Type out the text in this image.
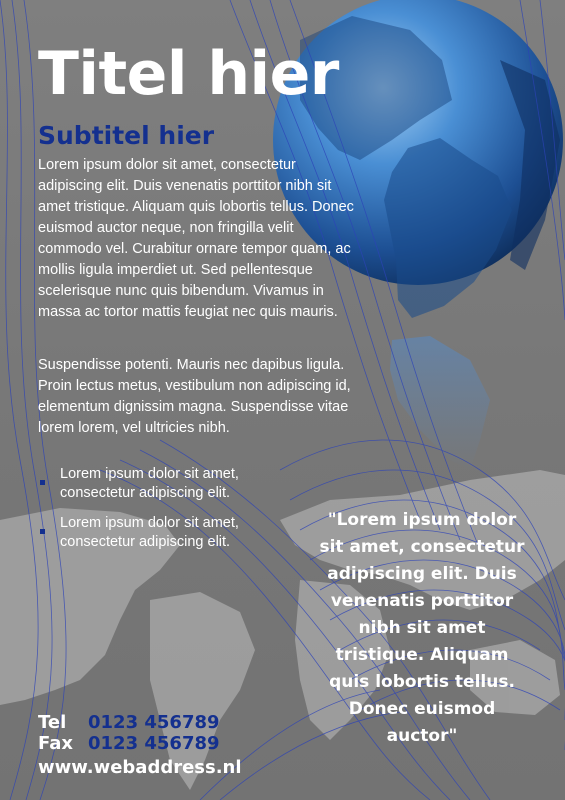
Titel hier
Subtitel hier

Lorem ipsum dolor sit amet, consectetur adipiscing elit. Duis venenatis porttitor nibh sit amet tristique. Aliquam quis lobortis tellus. Donec euismod auctor neque, non fringilla velit commodo vel. Curabitur ornare tempor quam, ac mollis ligula imperdiet ut. Sed pellentesque scelerisque nunc quis bibendum. Vivamus in massa ac tortor mattis feugiat nec quis mauris.

Suspendisse potenti. Mauris nec dapibus ligula. Proin lectus metus, vestibulum non adipiscing id, elementum dignissim magna. Suspendisse vitae lorem lorem, vel ultricies nibh.

Lorem ipsum dolor sit amet, consectetur adipiscing elit.
Lorem ipsum dolor sit amet, consectetur adipiscing elit.

"Lorem ipsum dolor sit amet, consectetur adipiscing elit. Duis venenatis porttitor nibh sit amet tristique. Aliquam quis lobortis tellus. Donec euismod auctor"

Tel 0123 456789
Fax 0123 456789
www.webaddress.nl
